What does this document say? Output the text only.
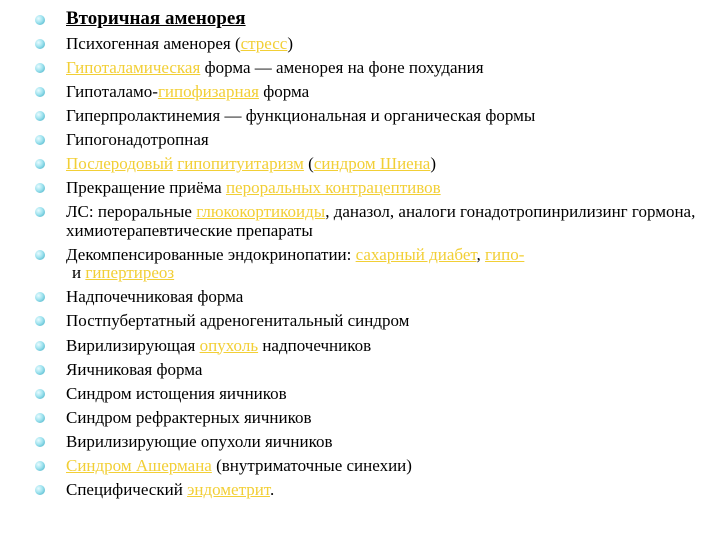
Вторичная аменорея
Психогенная аменорея (стресс)
Гипоталамическая форма — аменорея на фоне похудания
Гипоталамо-гипофизарная форма
Гиперпролактинемия — функциональная и органическая формы
Гипогонадотропная
Послеродовый гипопитуитаризм (синдром Шиена)
Прекращение приёма пероральных контрацептивов
ЛС: пероральные глюкокортикоиды, даназол, аналоги гонадотропинрилизинг гормона, химиотерапевтические препараты
Декомпенсированные эндокринопатии: сахарный диабет, гипо-
и гипертиреоз
Надпочечниковая форма
Постпубертатный адреногенитальный синдром
Вирилизирующая опухоль надпочечников
Яичниковая форма
Синдром истощения яичников
Синдром рефрактерных яичников
Вирилизирующие опухоли яичников
Синдром Ашермана (внутриматочные синехии)
Специфический эндометрит.
